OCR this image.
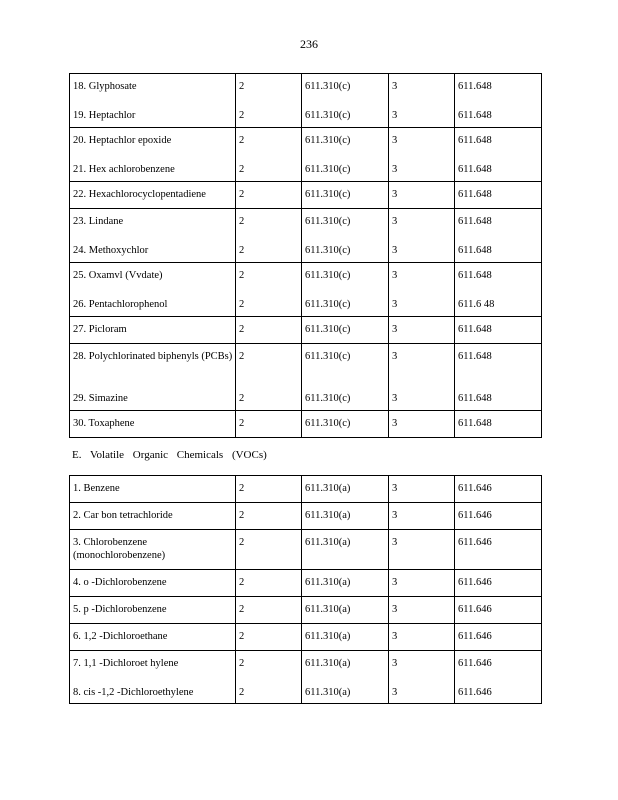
236
18. Glyphosate	2	611.310(c)	3	611.648
19. Heptachlor	2	611.310(c)	3	611.648
20. Heptachlor epoxide	2	611.310(c)	3	611.648
21. Hex achlorobenzene	2	611.310(c)	3	611.648
22. Hexachlorocyclopentadiene	2	611.310(c)	3	611.648
23. Lindane	2	611.310(c)	3	611.648
24. Methoxychlor	2	611.310(c)	3	611.648
25. Oxamvl (Vvdate)	2	611.310(c)	3	611.648
26. Pentachlorophenol	2	611.310(c)	3	611.6 48
27. Picloram	2	611.310(c)	3	611.648
28. Polychlorinated biphenyls (PCBs)	2	611.310(c)	3	611.648
29. Simazine	2	611.310(c)	3	611.648
30. Toxaphene	2	611.310(c)	3	611.648
E. Volatile Organic Chemicals (VOCs)
1. Benzene	2	611.310(a)	3	611.646
2. Car bon tetrachloride	2	611.310(a)	3	611.646
3. Chlorobenzene (monochlorobenzene)	2	611.310(a)	3	611.646
4. o -Dichlorobenzene	2	611.310(a)	3	611.646
5. p -Dichlorobenzene	2	611.310(a)	3	611.646
6. 1,2 -Dichloroethane	2	611.310(a)	3	611.646
7. 1,1 -Dichloroet hylene	2	611.310(a)	3	611.646
8. cis -1,2 -Dichloroethylene	2	611.310(a)	3	611.646
